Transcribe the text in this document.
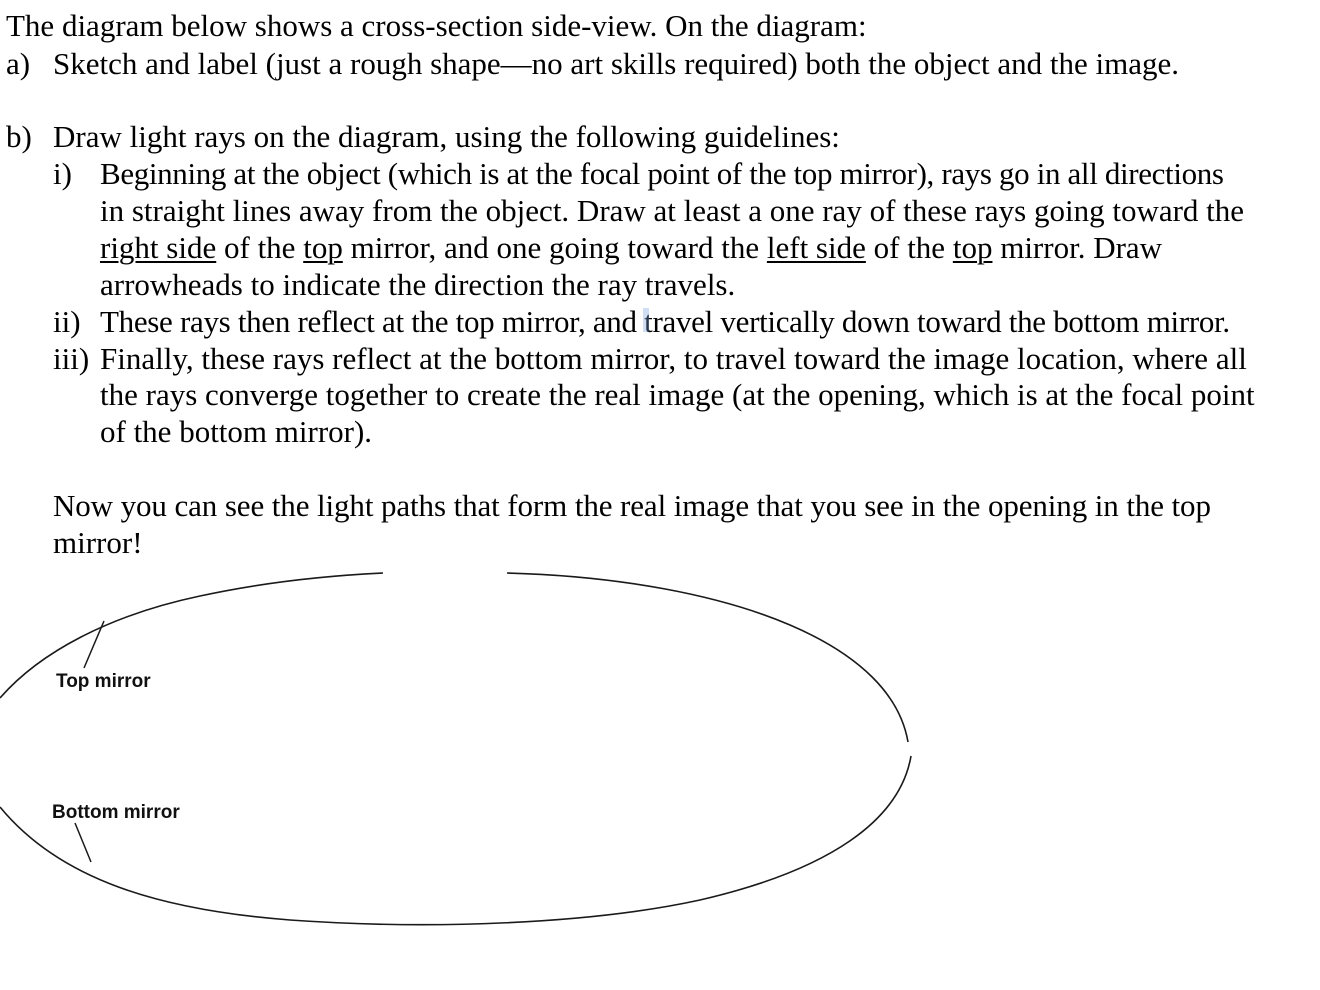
The diagram below shows a cross-section side-view. On the diagram:
a) Sketch and label (just a rough shape—no art skills required) both the object and the image.
b) Draw light rays on the diagram, using the following guidelines:
i) Beginning at the object (which is at the focal point of the top mirror), rays go in all directions
in straight lines away from the object. Draw at least a one ray of these rays going toward the
right side of the top mirror, and one going toward the left side of the top mirror. Draw
arrowheads to indicate the direction the ray travels.
ii) These rays then reflect at the top mirror, and travel vertically down toward the bottom mirror.
iii) Finally, these rays reflect at the bottom mirror, to travel toward the image location, where all
the rays converge together to create the real image (at the opening, which is at the focal point
of the bottom mirror).
Now you can see the light paths that form the real image that you see in the opening in the top
mirror!
Top mirror
Bottom mirror
